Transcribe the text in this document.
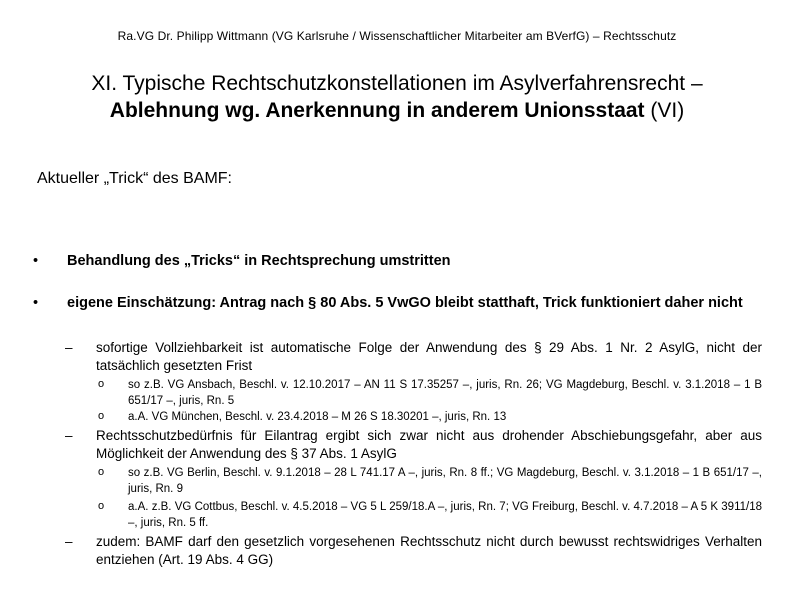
Ra.VG Dr. Philipp Wittmann (VG Karlsruhe / Wissenschaftlicher Mitarbeiter am BVerfG) – Rechtsschutz
XI. Typische Rechtschutzkonstellationen im Asylverfahrensrecht –
Ablehnung wg. Anerkennung in anderem Unionsstaat (VI)
Aktueller „Trick“ des BAMF:
• Behandlung des „Tricks“ in Rechtsprechung umstritten
• eigene Einschätzung: Antrag nach § 80 Abs. 5 VwGO bleibt statthaft, Trick funktioniert daher nicht
– sofortige Vollziehbarkeit ist automatische Folge der Anwendung des § 29 Abs. 1 Nr. 2 AsylG, nicht der tatsächlich gesetzten Frist
o so z.B. VG Ansbach, Beschl. v. 12.10.2017 – AN 11 S 17.35257 –, juris, Rn. 26; VG Magdeburg, Beschl. v. 3.1.2018 – 1 B 651/17 –, juris, Rn. 5
o a.A. VG München, Beschl. v. 23.4.2018 – M 26 S 18.30201 –, juris, Rn. 13
– Rechtsschutzbedürfnis für Eilantrag ergibt sich zwar nicht aus drohender Abschiebungsgefahr, aber aus Möglichkeit der Anwendung des § 37 Abs. 1 AsylG
o so z.B. VG Berlin, Beschl. v. 9.1.2018 – 28 L 741.17 A –, juris, Rn. 8 ff.; VG Magdeburg, Beschl. v. 3.1.2018 – 1 B 651/17 –, juris, Rn. 9
o a.A. z.B. VG Cottbus, Beschl. v. 4.5.2018 – VG 5 L 259/18.A –, juris, Rn. 7; VG Freiburg, Beschl. v. 4.7.2018 – A 5 K 3911/18 –, juris, Rn. 5 ff.
– zudem: BAMF darf den gesetzlich vorgesehenen Rechtsschutz nicht durch bewusst rechtswidriges Verhalten entziehen (Art. 19 Abs. 4 GG)
